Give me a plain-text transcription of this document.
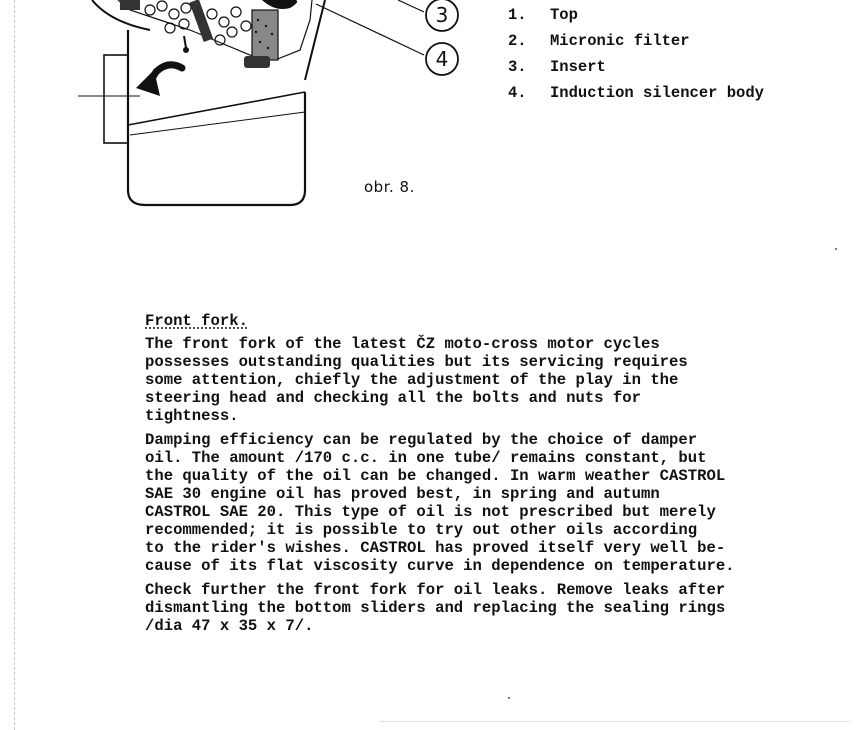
3
4
obr. 8.
1. Top
2. Micronic filter
3. Insert
4. Induction silencer body
Front fork.

The front fork of the latest ČZ moto-cross motor cycles
possesses outstanding qualities but its servicing requires
some attention, chiefly the adjustment of the play in the
steering head and checking all the bolts and nuts for
tightness.

Damping efficiency can be regulated by the choice of damper
oil. The amount /170 c.c. in one tube/ remains constant, but
the quality of the oil can be changed. In warm weather CASTROL
SAE 30 engine oil has proved best, in spring and autumn
CASTROL SAE 20. This type of oil is not prescribed but merely
recommended; it is possible to try out other oils according
to the rider's wishes. CASTROL has proved itself very well be-
cause of its flat viscosity curve in dependence on temperature.

Check further the front fork for oil leaks. Remove leaks after
dismantling the bottom sliders and replacing the sealing rings
/dia 47 x 35 x 7/.
